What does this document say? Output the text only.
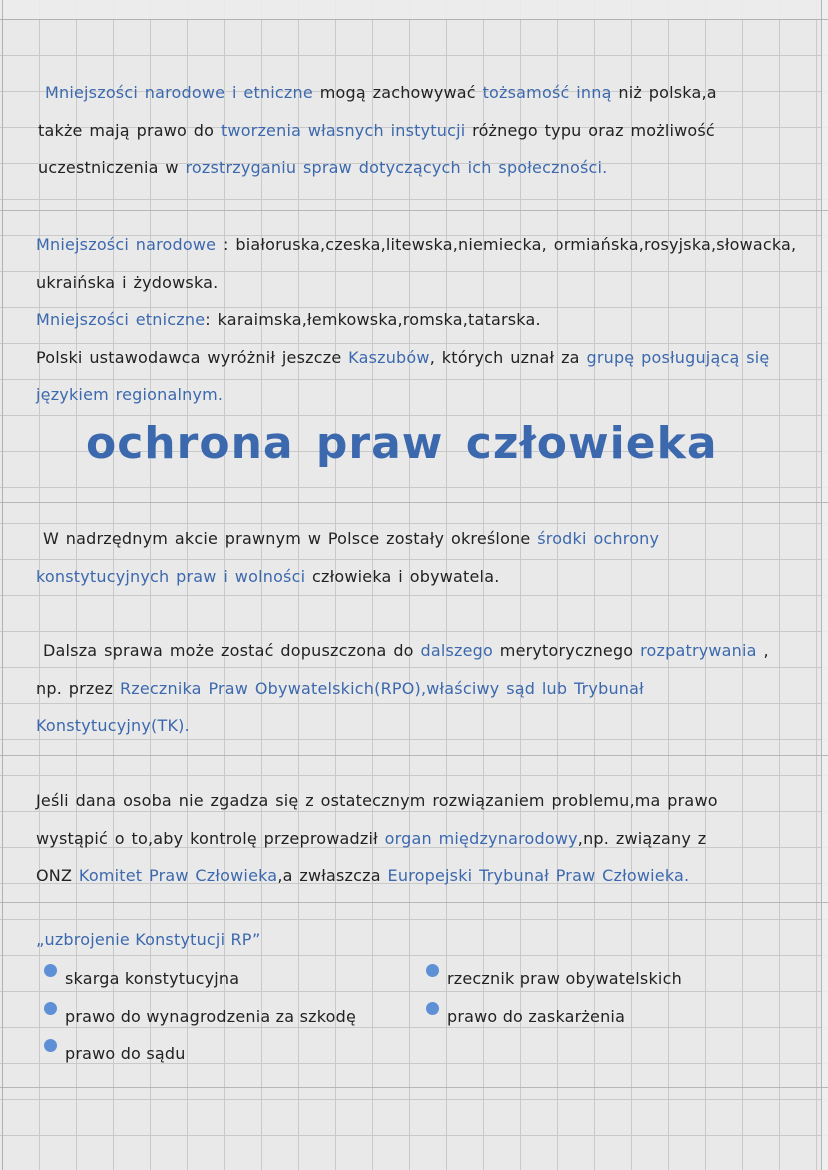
Mniejszości narodowe i etniczne mogą zachowywać tożsamość inną niż polska,a
także mają prawo do tworzenia własnych instytucji różnego typu oraz możliwość
uczestniczenia w rozstrzyganiu spraw dotyczących ich społeczności.
Mniejszości narodowe : białoruska,czeska,litewska,niemiecka, ormiańska,rosyjska,słowacka,
ukraińska i żydowska.
Mniejszości etniczne: karaimska,łemkowska,romska,tatarska.
Polski ustawodawca wyróżnił jeszcze Kaszubów, których uznał za grupę posługującą się
językiem regionalnym.
ochrona praw człowieka
W nadrzędnym akcie prawnym w Polsce zostały określone środki ochrony
konstytucyjnych praw i wolności człowieka i obywatela.
Dalsza sprawa może zostać dopuszczona do dalszego merytorycznego rozpatrywania ,
np. przez Rzecznika Praw Obywatelskich(RPO),właściwy sąd lub Trybunał
Konstytucyjny(TK).
Jeśli dana osoba nie zgadza się z ostatecznym rozwiązaniem problemu,ma prawo
wystąpić o to,aby kontrolę przeprowadził organ międzynarodowy,np. związany z
ONZ Komitet Praw Człowieka,a zwłaszcza Europejski Trybunał Praw Człowieka.
„uzbrojenie Konstytucji RP”
skarga konstytucyjna
prawo do wynagrodzenia za szkodę
prawo do sądu
rzecznik praw obywatelskich
prawo do zaskarżenia
